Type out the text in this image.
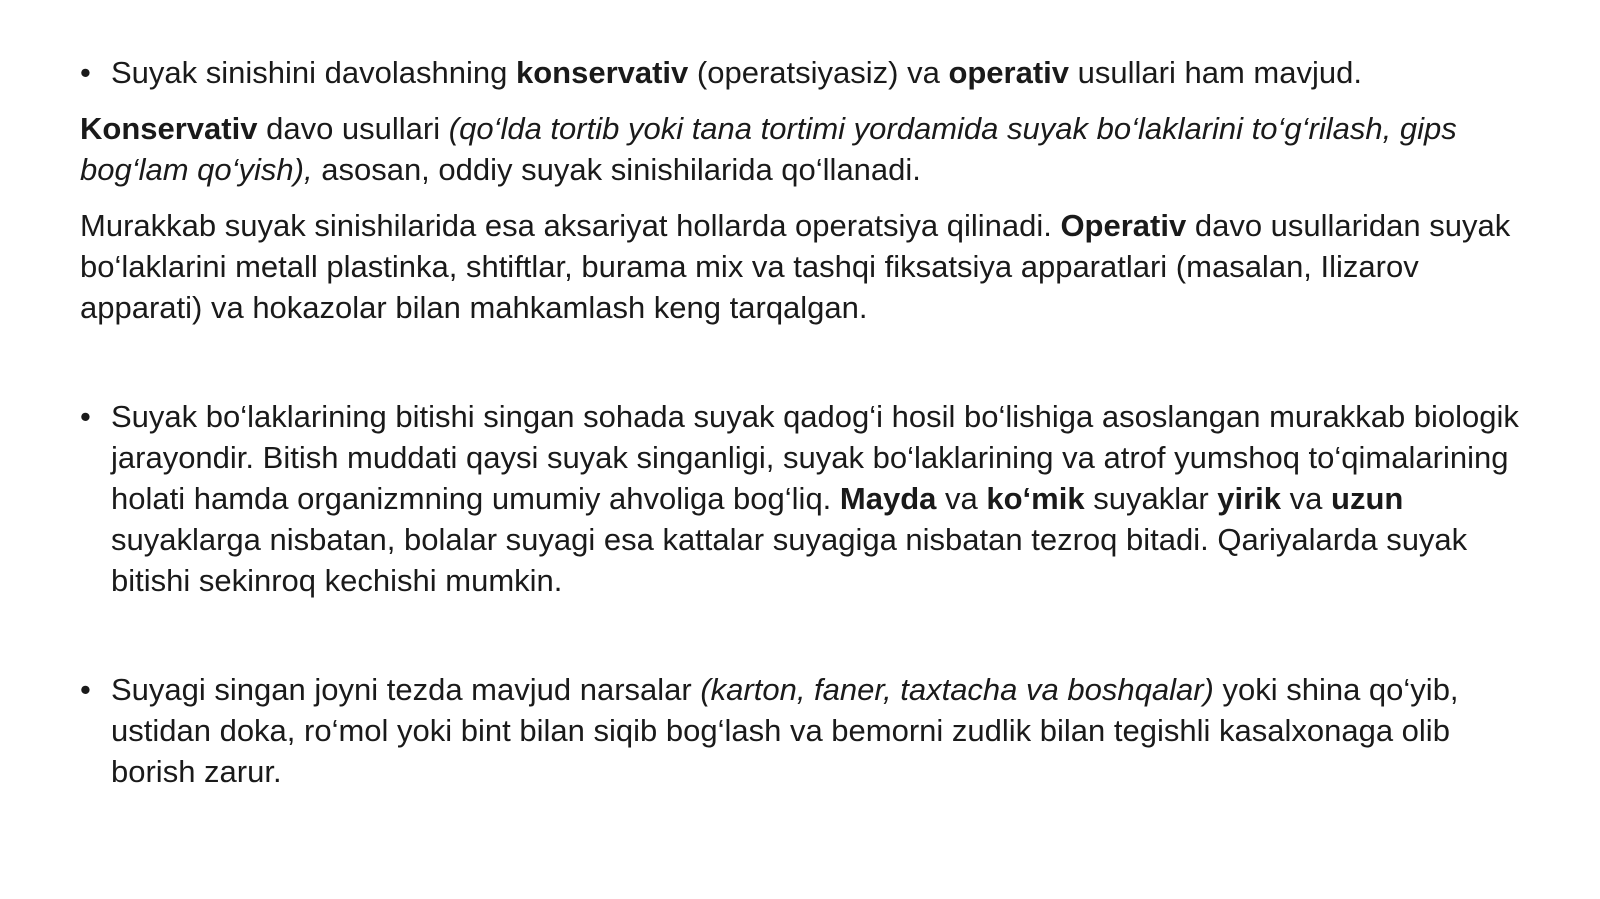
• Suyak sinishini davolashning konservativ (operatsiyasiz) va operativ usullari ham mavjud.

Konservativ davo usullari (qo‘lda tortib yoki tana tortimi yordamida suyak bo‘laklarini to‘g‘rilash, gips bog‘lam qo‘yish), asosan, oddiy suyak sinishilarida qo‘llanadi.

Murakkab suyak sinishilarida esa aksariyat hollarda operatsiya qilinadi. Operativ davo usullaridan suyak bo‘laklarini metall plastinka, shtiftlar, burama mix va tashqi fiksatsiya apparatlari (masalan, Ilizarov apparati) va hokazolar bilan mahkamlash keng tarqalgan.

• Suyak bo‘laklarining bitishi singan sohada suyak qadog‘i hosil bo‘lishiga asoslangan murakkab biologik jarayondir. Bitish muddati qaysi suyak singanligi, suyak bo‘laklarining va atrof yumshoq to‘qimalarining holati hamda organizmning umumiy ahvoliga bog‘liq. Mayda va ko‘mik suyaklar yirik va uzun suyaklarga nisbatan, bolalar suyagi esa kattalar suyagiga nisbatan tezroq bitadi. Qariyalarda suyak bitishi sekinroq kechishi mumkin.

• Suyagi singan joyni tezda mavjud narsalar (karton, faner, taxtacha va boshqalar) yoki shina qo‘yib, ustidan doka, ro‘mol yoki bint bilan siqib bog‘lash va bemorni zudlik bilan tegishli kasalxonaga olib borish zarur.
